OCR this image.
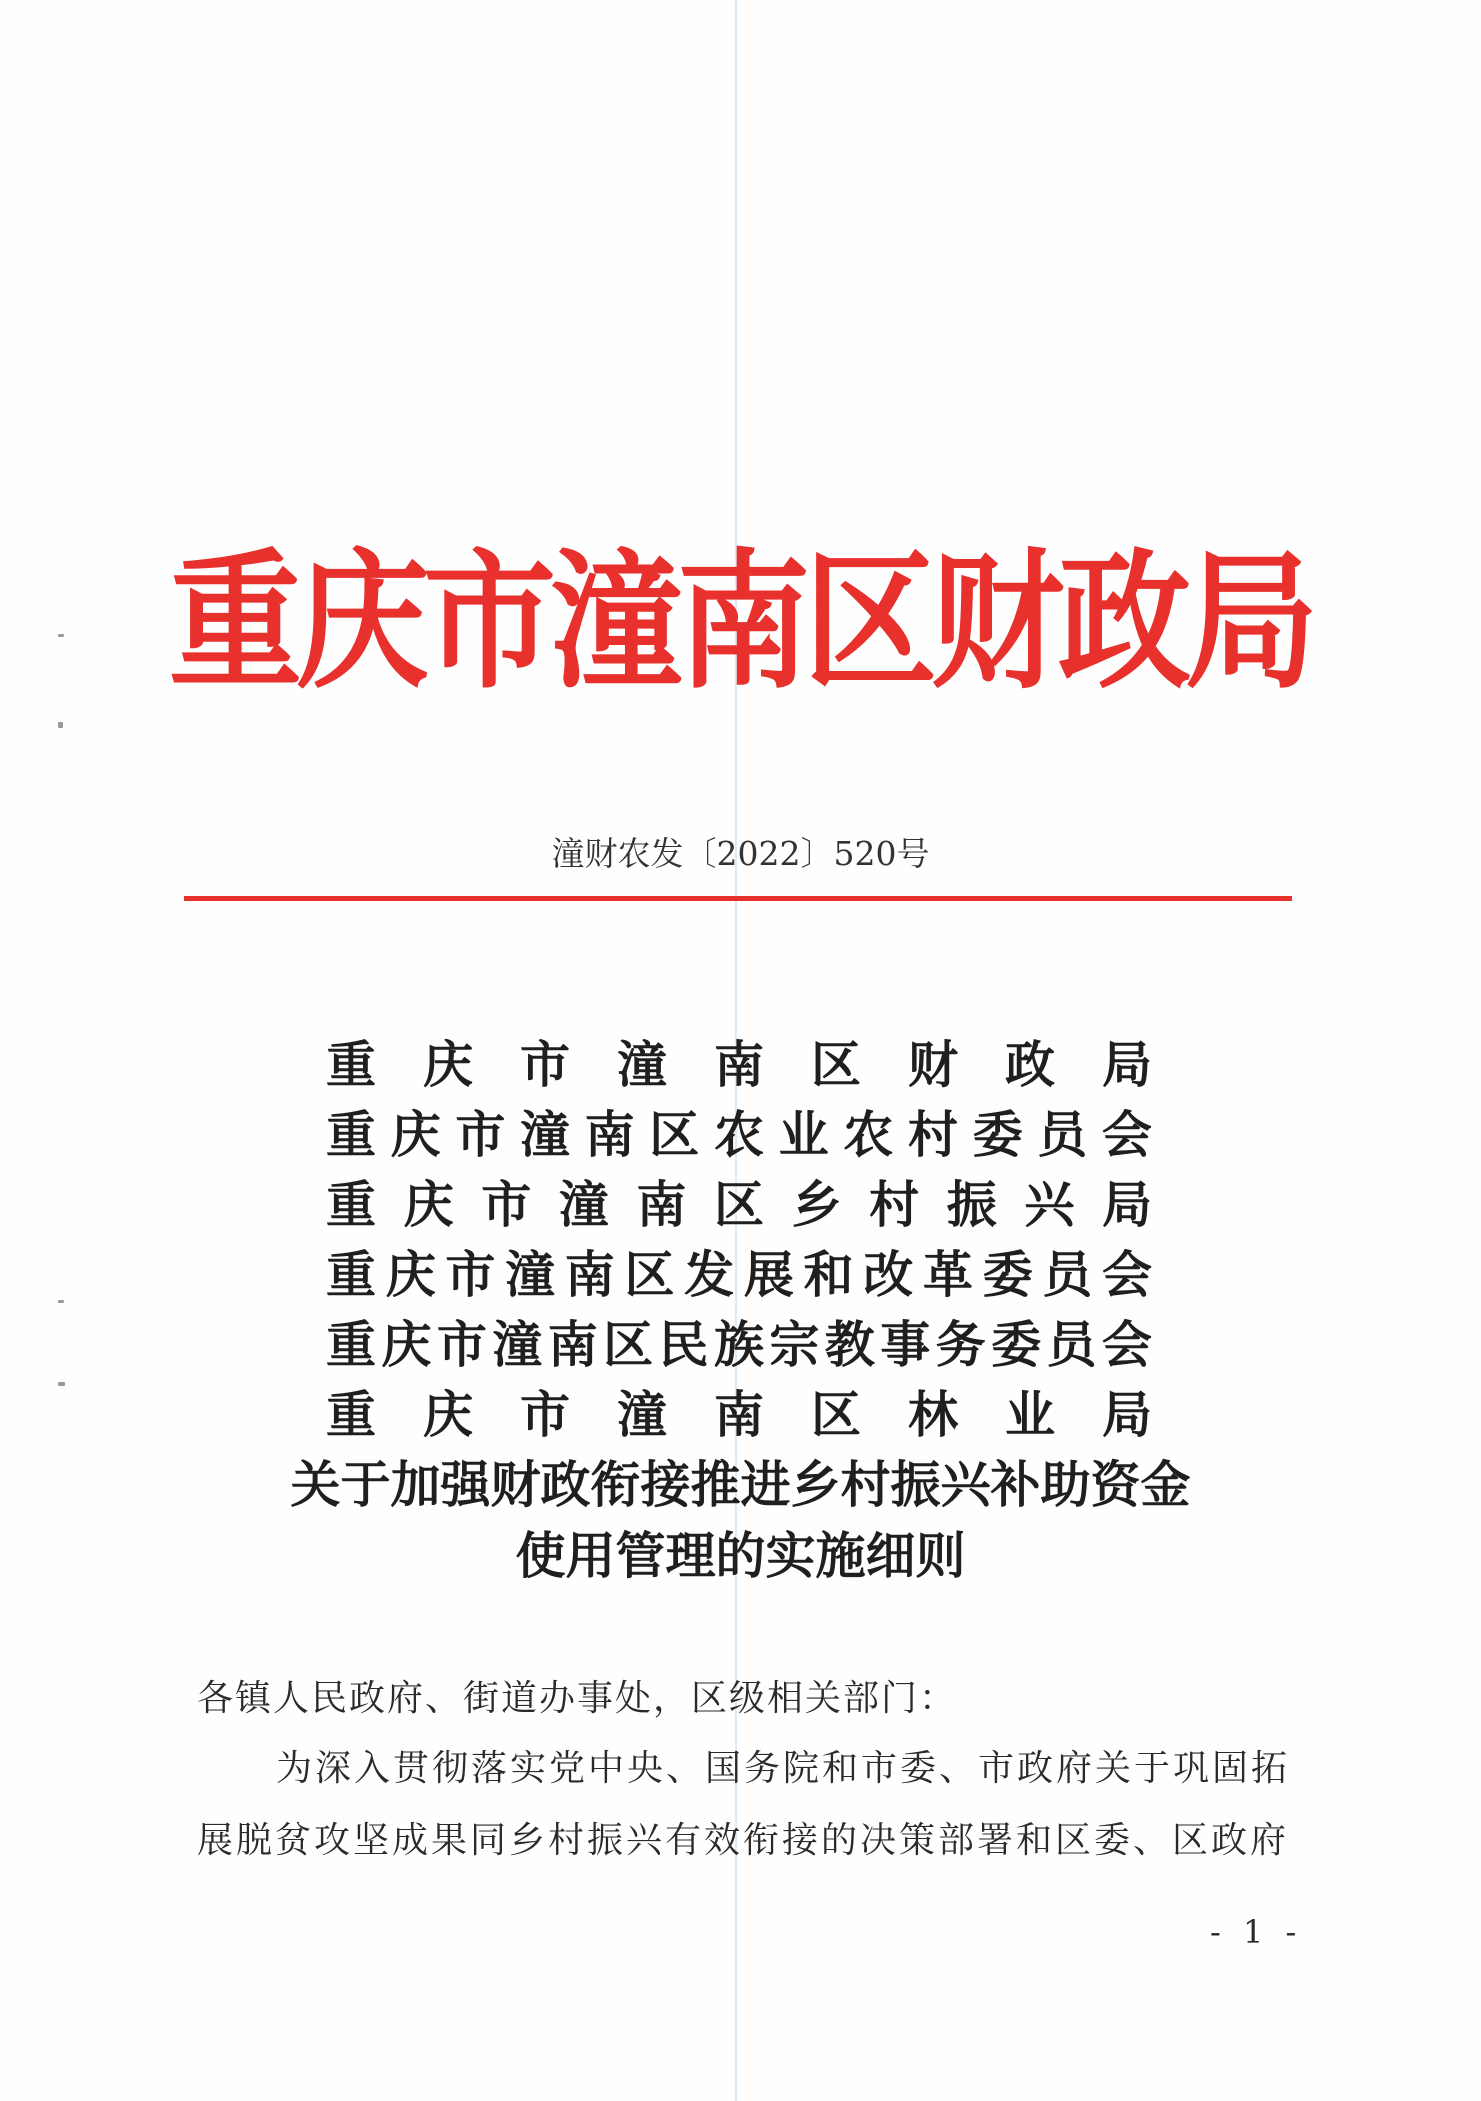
重庆市潼南区财政局
潼财农发〔2022〕520号
重 庆 市 潼 南 区 财 政 局
重 庆 市 潼 南 区 农 业 农 村 委 员 会
重 庆 市 潼 南 区 乡 村 振 兴 局
重 庆 市 潼 南 区 发 展 和 改 革 委 员 会
重 庆 市 潼 南 区 民 族 宗 教 事 务 委 员 会
重 庆 市 潼 南 区 林 业 局
关于加强财政衔接推进乡村振兴补助资金
使用管理的实施细则
各镇人民政府、街道办事处，区级相关部门：
为深入贯彻落实党中央、国务院和市委、市政府关于巩固拓
展脱贫攻坚成果同乡村振兴有效衔接的决策部署和区委、区政府
- 1 -
